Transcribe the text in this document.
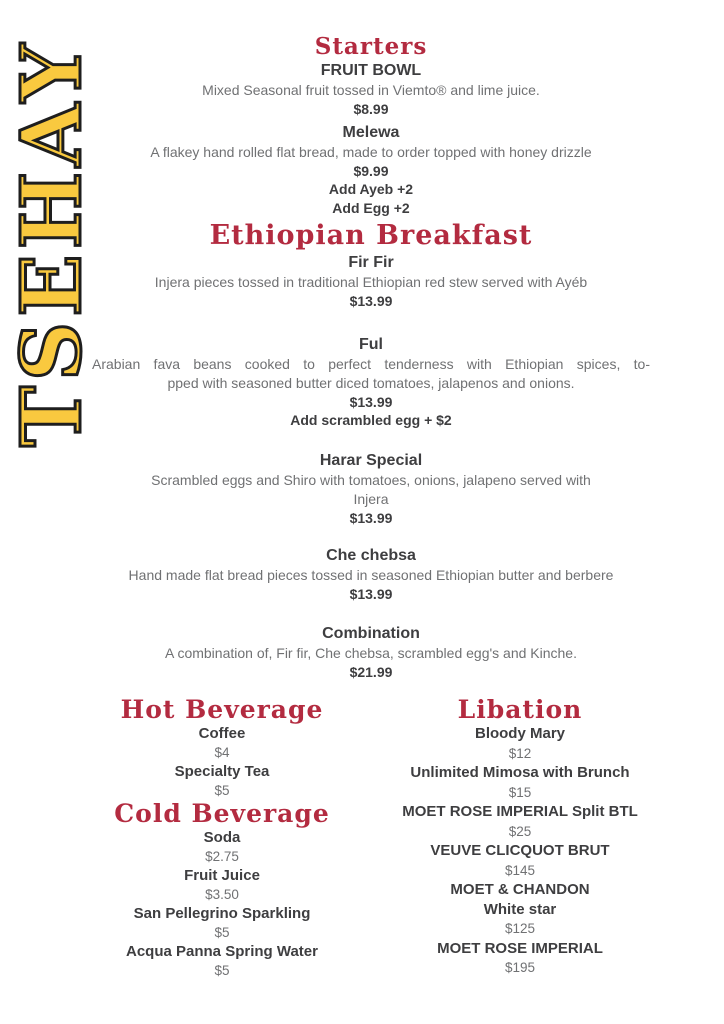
TSEHAY	Starters
FRUIT BOWL
Mixed Seasonal fruit tossed in Viemto® and lime juice.
$8.99
Melewa
A flakey hand rolled flat bread, made to order topped with honey drizzle
$9.99
Add Ayeb +2
Add Egg +2
Ethiopian Breakfast
Fir Fir
Injera pieces tossed in traditional Ethiopian red stew served with Ayéb
$13.99
Ful
Arabian fava beans cooked to perfect tenderness with Ethiopian spices, to-
pped with seasoned butter diced tomatoes, jalapenos and onions.
$13.99
Add scrambled egg + $2
Harar Special
Scrambled eggs and Shiro with tomatoes, onions, jalapeno served with
Injera
$13.99
Che chebsa
Hand made flat bread pieces tossed in seasoned Ethiopian butter and berbere
$13.99
Combination
A combination of, Fir fir, Che chebsa, scrambled egg's and Kinche.
$21.99
Hot Beverage
Coffee
$4
Specialty Tea
$5
Cold Beverage
Soda
$2.75
Fruit Juice
$3.50
San Pellegrino Sparkling
$5
Acqua Panna Spring Water
$5
Libation
Bloody Mary
$12
Unlimited Mimosa with Brunch
$15
MOET ROSE IMPERIAL Split BTL
$25
VEUVE CLICQUOT BRUT
$145
MOET & CHANDON
White star
$125
MOET ROSE IMPERIAL
$195
